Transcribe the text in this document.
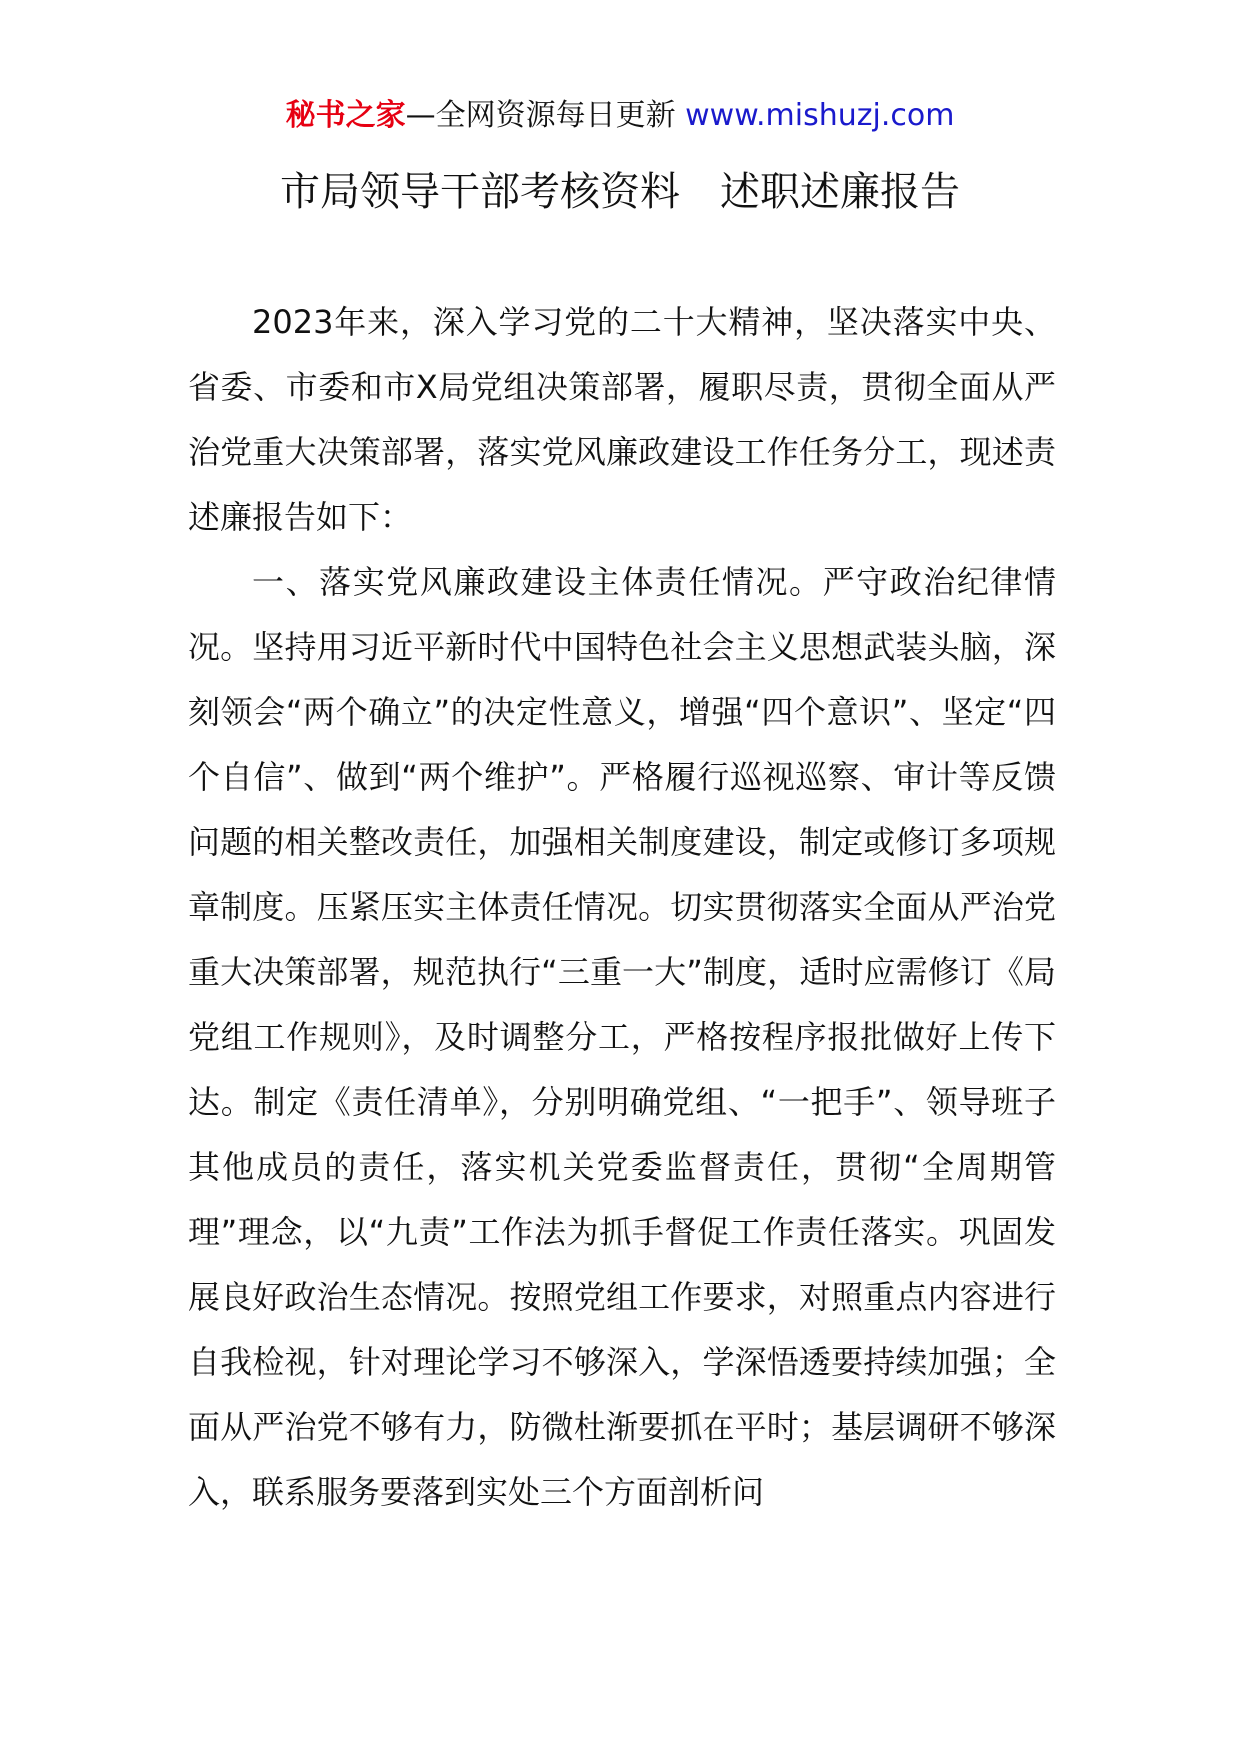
秘书之家—全网资源每日更新 www.mishuzj.com
市局领导干部考核资料　述职述廉报告

2023年来，深入学习党的二十大精神，坚决落实中央、省委、市委和市X局党组决策部署，履职尽责，贯彻全面从严治党重大决策部署，落实党风廉政建设工作任务分工，现述责述廉报告如下：

一、落实党风廉政建设主体责任情况。严守政治纪律情况。坚持用习近平新时代中国特色社会主义思想武装头脑，深刻领会“两个确立”的决定性意义，增强“四个意识”、坚定“四个自信”、做到“两个维护”。严格履行巡视巡察、审计等反馈问题的相关整改责任，加强相关制度建设，制定或修订多项规章制度。压紧压实主体责任情况。切实贯彻落实全面从严治党重大决策部署，规范执行“三重一大”制度，适时应需修订《局党组工作规则》，及时调整分工，严格按程序报批做好上传下达。制定《责任清单》，分别明确党组、“一把手”、领导班子其他成员的责任，落实机关党委监督责任，贯彻“全周期管理”理念，以“九责”工作法为抓手督促工作责任落实。巩固发展良好政治生态情况。按照党组工作要求，对照重点内容进行自我检视，针对理论学习不够深入，学深悟透要持续加强；全面从严治党不够有力，防微杜渐要抓在平时；基层调研不够深入，联系服务要落到实处三个方面剖析问
